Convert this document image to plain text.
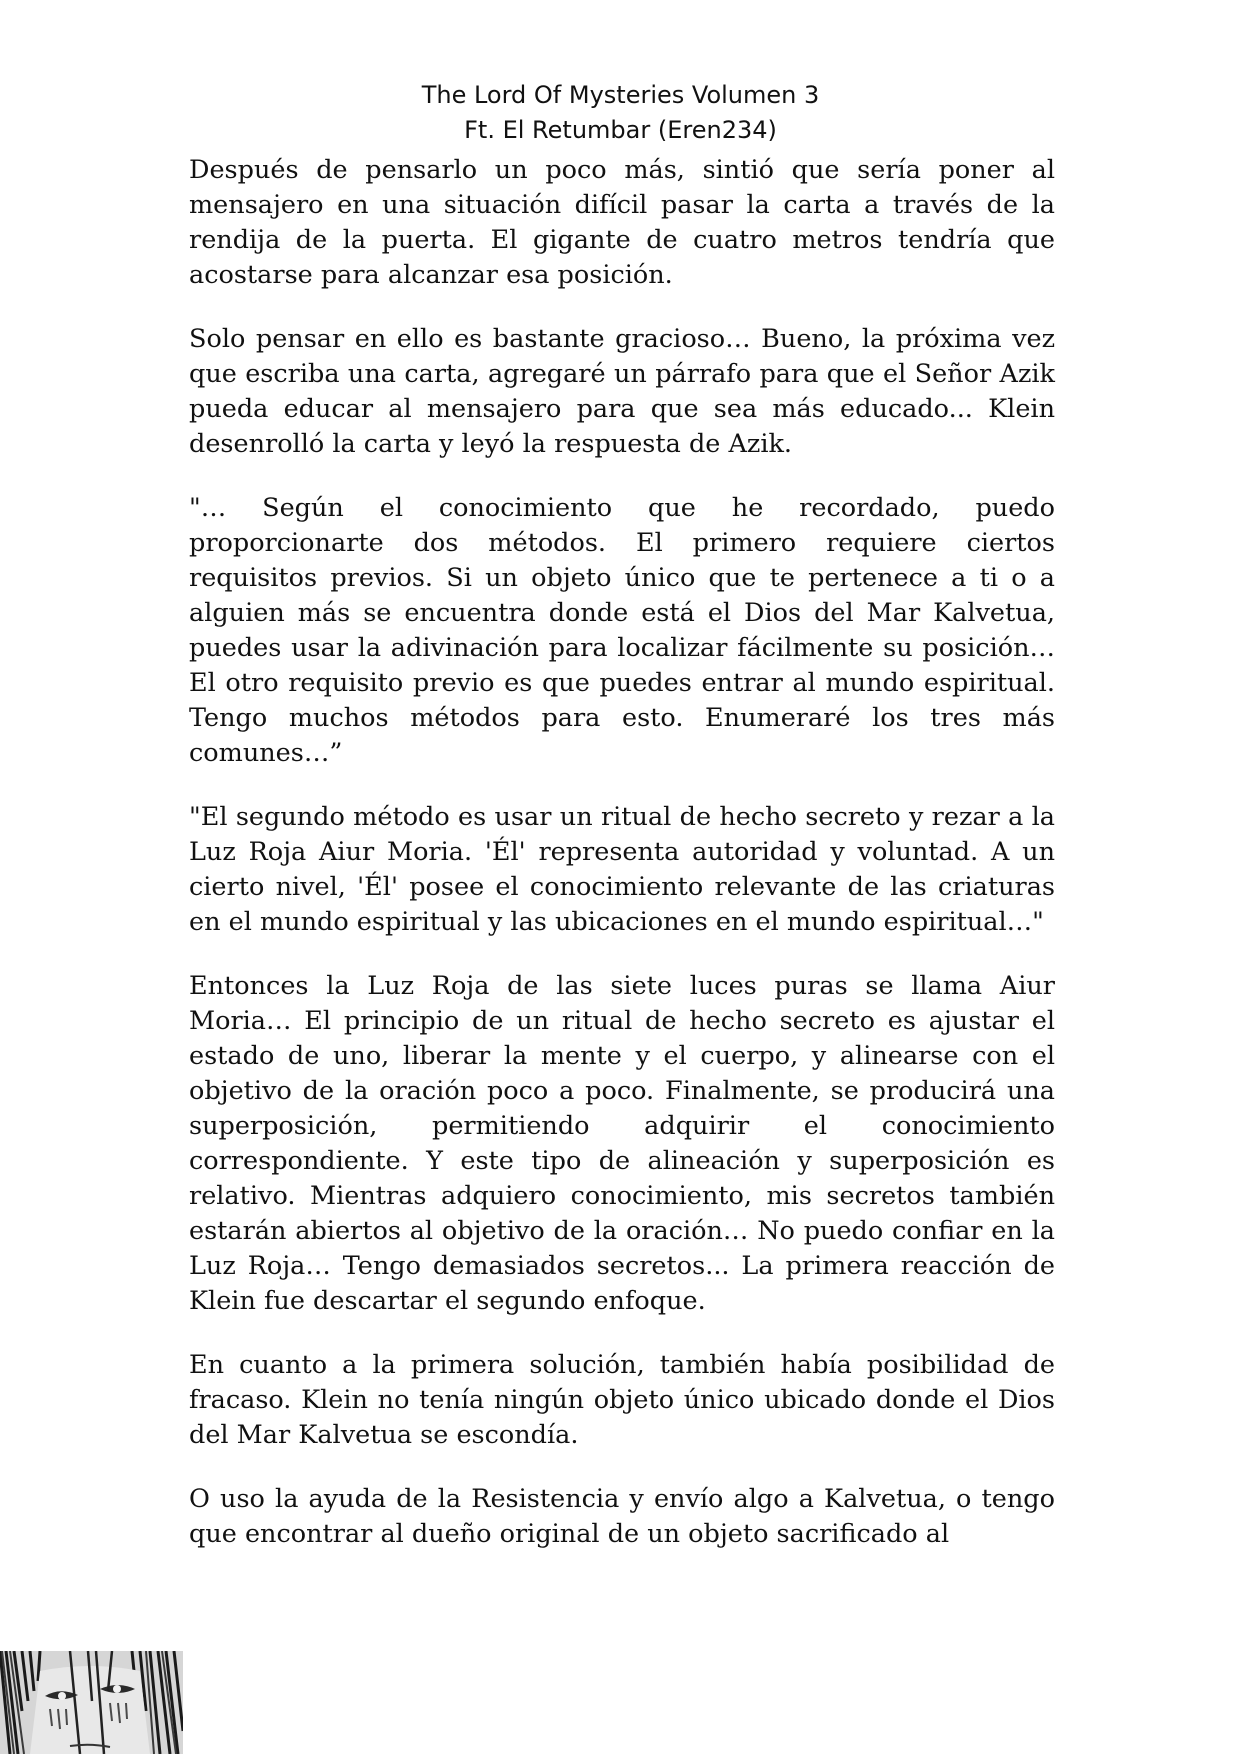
The Lord Of Mysteries Volumen 3
Ft. El Retumbar (Eren234)

Después de pensarlo un poco más, sintió que sería poner al mensajero en una situación difícil pasar la carta a través de la rendija de la puerta. El gigante de cuatro metros tendría que acostarse para alcanzar esa posición.

Solo pensar en ello es bastante gracioso… Bueno, la próxima vez que escriba una carta, agregaré un párrafo para que el Señor Azik pueda educar al mensajero para que sea más educado... Klein desenrolló la carta y leyó la respuesta de Azik.

"… Según el conocimiento que he recordado, puedo proporcionarte dos métodos. El primero requiere ciertos requisitos previos. Si un objeto único que te pertenece a ti o a alguien más se encuentra donde está el Dios del Mar Kalvetua, puedes usar la adivinación para localizar fácilmente su posición… El otro requisito previo es que puedes entrar al mundo espiritual. Tengo muchos métodos para esto. Enumeraré los tres más comunes…”

"El segundo método es usar un ritual de hecho secreto y rezar a la Luz Roja Aiur Moria. 'Él' representa autoridad y voluntad. A un cierto nivel, 'Él' posee el conocimiento relevante de las criaturas en el mundo espiritual y las ubicaciones en el mundo espiritual…"

Entonces la Luz Roja de las siete luces puras se llama Aiur Moria… El principio de un ritual de hecho secreto es ajustar el estado de uno, liberar la mente y el cuerpo, y alinearse con el objetivo de la oración poco a poco. Finalmente, se producirá una superposición, permitiendo adquirir el conocimiento correspondiente. Y este tipo de alineación y superposición es relativo. Mientras adquiero conocimiento, mis secretos también estarán abiertos al objetivo de la oración… No puedo confiar en la Luz Roja… Tengo demasiados secretos... La primera reacción de Klein fue descartar el segundo enfoque.

En cuanto a la primera solución, también había posibilidad de fracaso. Klein no tenía ningún objeto único ubicado donde el Dios del Mar Kalvetua se escondía.

O uso la ayuda de la Resistencia y envío algo a Kalvetua, o tengo que encontrar al dueño original de un objeto sacrificado al
